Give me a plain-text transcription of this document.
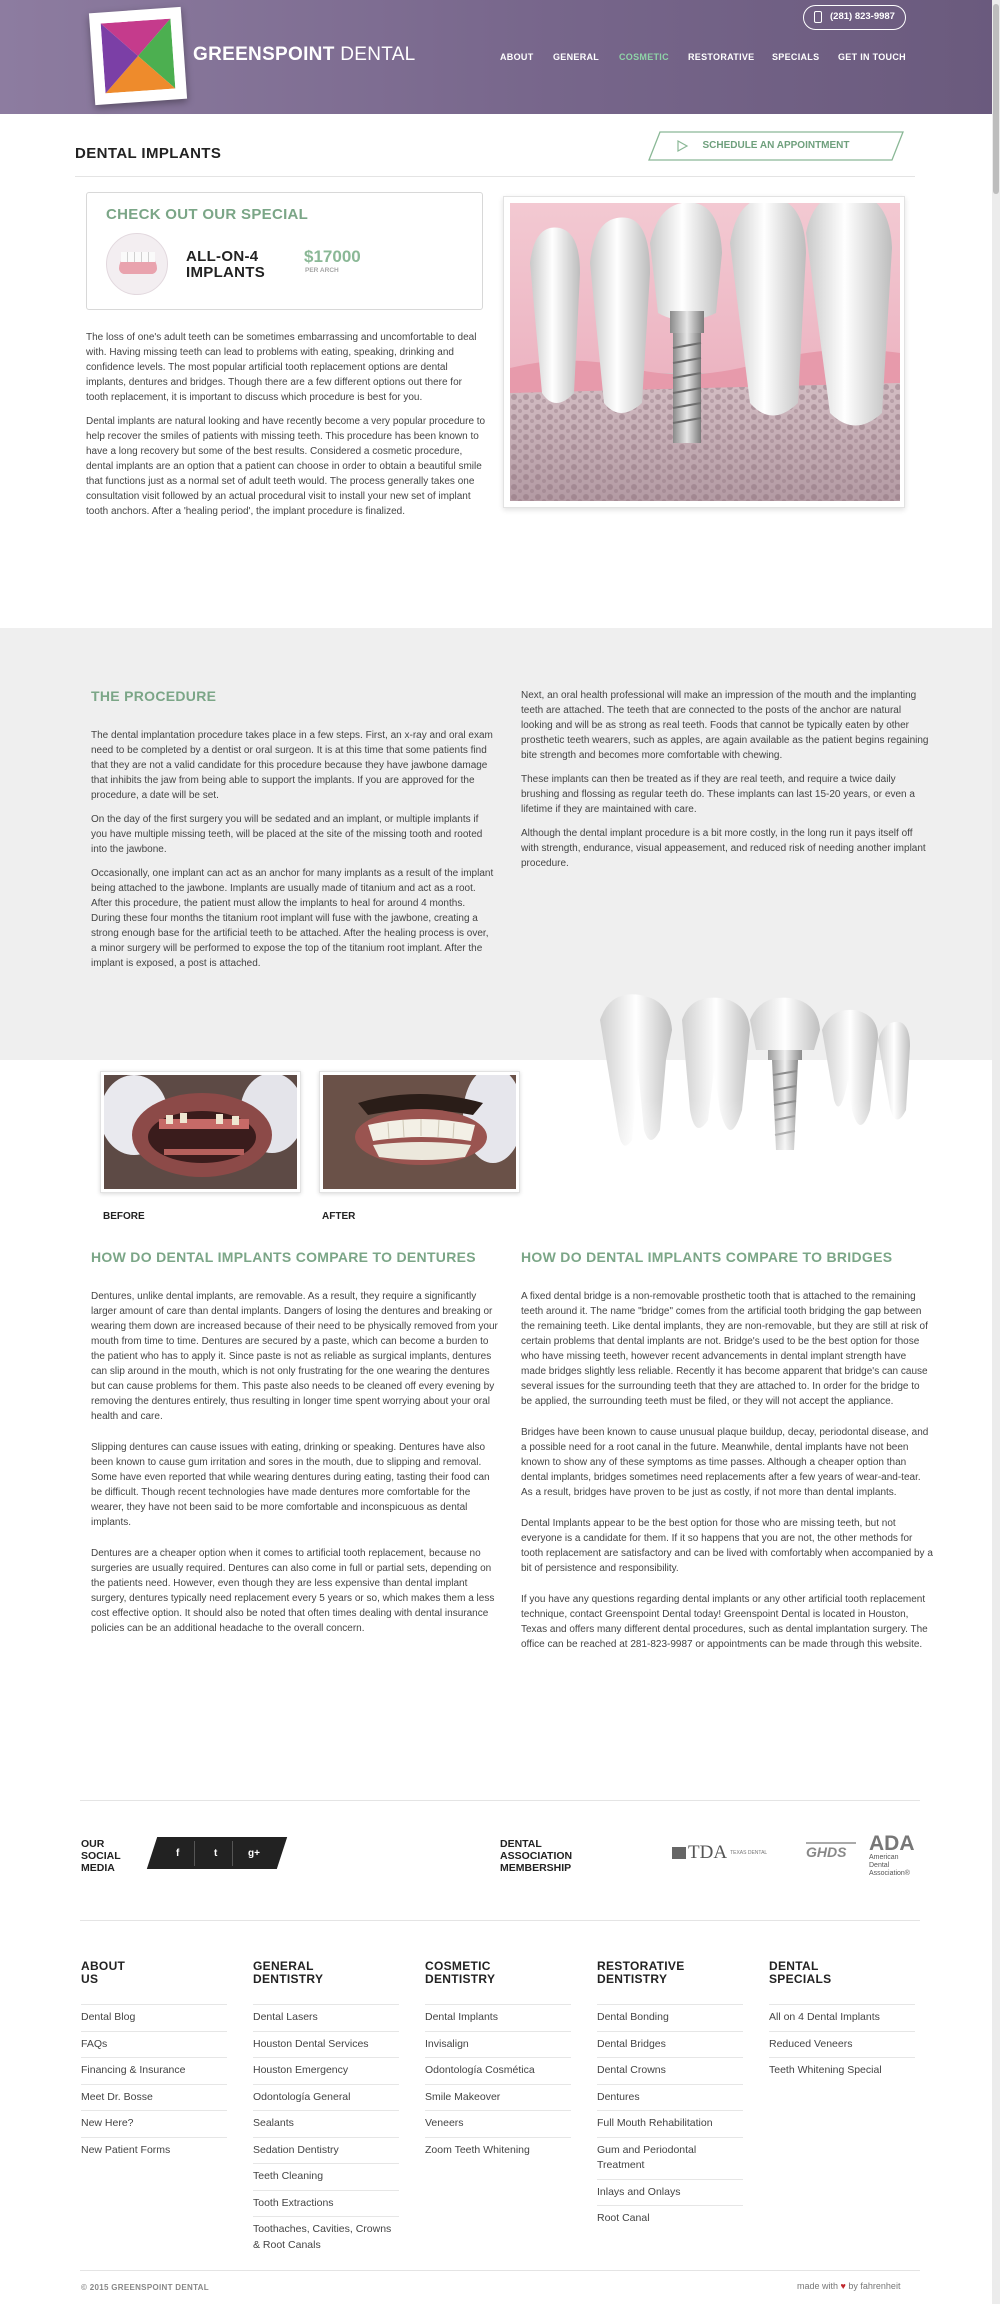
GREENSPOINT DENTAL
(281) 823-9987
ABOUT GENERAL COSMETIC RESTORATIVE SPECIALS GET IN TOUCH
DENTAL IMPLANTS	SCHEDULE AN APPOINTMENT
CHECK OUT OUR SPECIAL
ALL-ON-4
IMPLANTS
$17000
PER ARCH

The loss of one's adult teeth can be sometimes embarrassing and uncomfortable to deal with. Having missing teeth can lead to problems with eating, speaking, drinking and confidence levels. The most popular artificial tooth replacement options are dental implants, dentures and bridges. Though there are a few different options out there for tooth replacement, it is important to discuss which procedure is best for you.

Dental implants are natural looking and have recently become a very popular procedure to help recover the smiles of patients with missing teeth. This procedure has been known to have a long recovery but some of the best results. Considered a cosmetic procedure, dental implants are an option that a patient can choose in order to obtain a beautiful smile that functions just as a normal set of adult teeth would. The process generally takes one consultation visit followed by an actual procedural visit to install your new set of implant tooth anchors. After a 'healing period', the implant procedure is finalized.

THE PROCEDURE

The dental implantation procedure takes place in a few steps. First, an x-ray and oral exam need to be completed by a dentist or oral surgeon. It is at this time that some patients find that they are not a valid candidate for this procedure because they have jawbone damage that inhibits the jaw from being able to support the implants. If you are approved for the procedure, a date will be set.

On the day of the first surgery you will be sedated and an implant, or multiple implants if you have multiple missing teeth, will be placed at the site of the missing tooth and rooted into the jawbone.

Occasionally, one implant can act as an anchor for many implants as a result of the implant being attached to the jawbone. Implants are usually made of titanium and act as a root. After this procedure, the patient must allow the implants to heal for around 4 months. During these four months the titanium root implant will fuse with the jawbone, creating a strong enough base for the artificial teeth to be attached. After the healing process is over, a minor surgery will be performed to expose the top of the titanium root implant. After the implant is exposed, a post is attached.

Next, an oral health professional will make an impression of the mouth and the implanting teeth are attached. The teeth that are connected to the posts of the anchor are natural looking and will be as strong as real teeth. Foods that cannot be typically eaten by other prosthetic teeth wearers, such as apples, are again available as the patient begins regaining bite strength and becomes more comfortable with chewing.

These implants can then be treated as if they are real teeth, and require a twice daily brushing and flossing as regular teeth do. These implants can last 15-20 years, or even a lifetime if they are maintained with care.

Although the dental implant procedure is a bit more costly, in the long run it pays itself off with strength, endurance, visual appeasement, and reduced risk of needing another implant procedure.

BEFORE	AFTER
HOW DO DENTAL IMPLANTS COMPARE TO DENTURES	HOW DO DENTAL IMPLANTS COMPARE TO BRIDGES

Dentures, unlike dental implants, are removable. As a result, they require a significantly larger amount of care than dental implants. Dangers of losing the dentures and breaking or wearing them down are increased because of their need to be physically removed from your mouth from time to time. Dentures are secured by a paste, which can become a burden to the patient who has to apply it. Since paste is not as reliable as surgical implants, dentures can slip around in the mouth, which is not only frustrating for the one wearing the dentures but can cause problems for them. This paste also needs to be cleaned off every evening by removing the dentures entirely, thus resulting in longer time spent worrying about your oral health and care.

Slipping dentures can cause issues with eating, drinking or speaking. Dentures have also been known to cause gum irritation and sores in the mouth, due to slipping and removal. Some have even reported that while wearing dentures during eating, tasting their food can be difficult. Though recent technologies have made dentures more comfortable for the wearer, they have not been said to be more comfortable and inconspicuous as dental implants.

Dentures are a cheaper option when it comes to artificial tooth replacement, because no surgeries are usually required. Dentures can also come in full or partial sets, depending on the patients need. However, even though they are less expensive than dental implant surgery, dentures typically need replacement every 5 years or so, which makes them a less cost effective option. It should also be noted that often times dealing with dental insurance policies can be an additional headache to the overall concern.

A fixed dental bridge is a non-removable prosthetic tooth that is attached to the remaining teeth around it. The name "bridge" comes from the artificial tooth bridging the gap between the remaining teeth. Like dental implants, they are non-removable, but they are still at risk of certain problems that dental implants are not. Bridge's used to be the best option for those who have missing teeth, however recent advancements in dental implant strength have made bridges slightly less reliable. Recently it has become apparent that bridge's can cause several issues for the surrounding teeth that they are attached to. In order for the bridge to be applied, the surrounding teeth must be filed, or they will not accept the appliance.

Bridges have been known to cause unusual plaque buildup, decay, periodontal disease, and a possible need for a root canal in the future. Meanwhile, dental implants have not been known to show any of these symptoms as time passes. Although a cheaper option than dental implants, bridges sometimes need replacements after a few years of wear-and-tear. As a result, bridges have proven to be just as costly, if not more than dental implants.

Dental Implants appear to be the best option for those who are missing teeth, but not everyone is a candidate for them. If it so happens that you are not, the other methods for tooth replacement are satisfactory and can be lived with comfortably when accompanied by a bit of persistence and responsibility.

If you have any questions regarding dental implants or any other artificial tooth replacement technique, contact Greenspoint Dental today! Greenspoint Dental is located in Houston, Texas and offers many different dental procedures, such as dental implantation surgery. The office can be reached at 281-823-9987 or appointments can be made through this website.

OUR
SOCIAL
MEDIA
f	t	g+
DENTAL
ASSOCIATION
MEMBERSHIP
TDA TEXAS DENTAL	GHDS	ADA
American
Dental
Association®
ABOUT
US
Dental Blog
FAQs
Financing & Insurance
Meet Dr. Bosse
New Here?
New Patient Forms
GENERAL
DENTISTRY
Dental Lasers
Houston Dental Services
Houston Emergency
Odontología General
Sealants
Sedation Dentistry
Teeth Cleaning
Tooth Extractions
Toothaches, Cavities, Crowns & Root Canals
COSMETIC
DENTISTRY
Dental Implants
Invisalign
Odontología Cosmética
Smile Makeover
Veneers
Zoom Teeth Whitening
RESTORATIVE
DENTISTRY
Dental Bonding
Dental Bridges
Dental Crowns
Dentures
Full Mouth Rehabilitation
Gum and Periodontal Treatment
Inlays and Onlays
Root Canal
DENTAL
SPECIALS
All on 4 Dental Implants
Reduced Veneers
Teeth Whitening Special
© 2015 GREENSPOINT DENTAL	made with ♥ by fahrenheit
